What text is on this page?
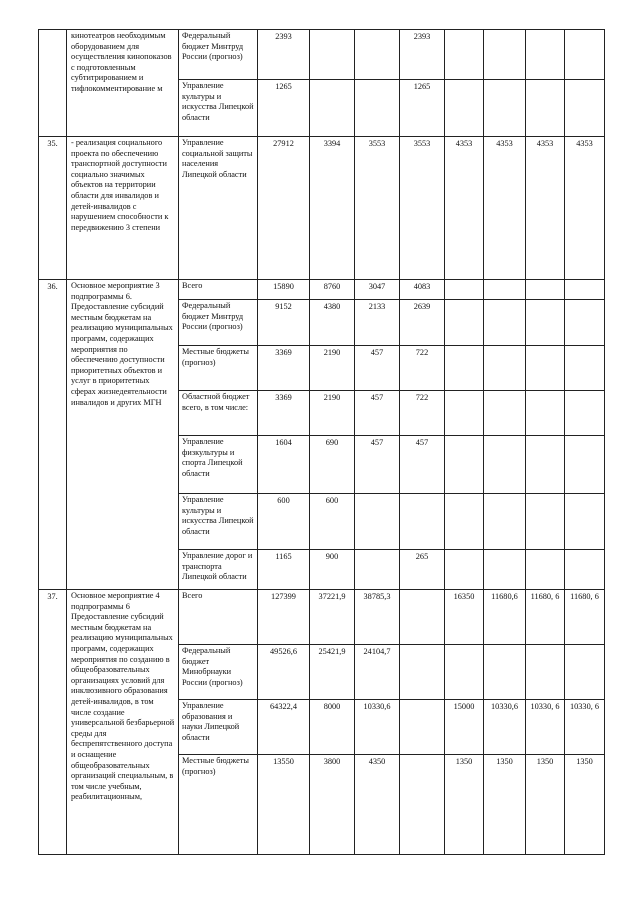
	кинотеатров необходимым оборудованием для осуществления кинопоказов с подготовленным субтитрированием и тифлокомментирование м	Федеральный бюджет Минтруд России (прогноз)	2393			2393				
		Управление культуры и искусства Липецкой области	1265			1265				
35.	- реализация социального проекта по обеспечению транспортной доступности социально значимых объектов на территории области для инвалидов и детей-инвалидов с нарушением способности к передвижению 3 степени	Управление социальной защиты населения Липецкой области	27912	3394	3553	3553	4353	4353	4353	4353
36.	Основное мероприятие 3 подпрограммы 6. Предоставление субсидий местным бюджетам на реализацию муниципальных программ, содержащих мероприятия по обеспечению доступности приоритетных объектов и услуг в приоритетных сферах жизнедеятельности инвалидов и других МГН	Всего	15890	8760	3047	4083				
		Федеральный бюджет Минтруд России (прогноз)	9152	4380	2133	2639				
		Местные бюджеты (прогноз)	3369	2190	457	722				
		Областной бюджет всего, в том числе:	3369	2190	457	722				
		Управление физкультуры и спорта Липецкой области	1604	690	457	457				
		Управление культуры и искусства Липецкой области	600	600						
		Управление дорог и транспорта Липецкой области	1165	900		265				
37.	Основное мероприятие 4 подпрограммы 6 Предоставление субсидий местным бюджетам на реализацию муниципальных программ, содержащих мероприятия по созданию в общеобразовательных организациях условий для инклюзивного образования детей-инвалидов, в том числе создание универсальной безбарьерной среды для беспрепятственного доступа и оснащение общеобразовательных организаций специальным, в том числе учебным, реабилитационным,	Всего	127399	37221,9	38785,3		16350	11680,6	11680, 6	11680, 6
		Федеральный бюджет Минобрнауки России (прогноз)	49526,6	25421,9	24104,7					
		Управление образования и науки Липецкой области	64322,4	8000	10330,6		15000	10330,6	10330, 6	10330, 6
		Местные бюджеты (прогноз)	13550	3800	4350		1350	1350	1350	1350
